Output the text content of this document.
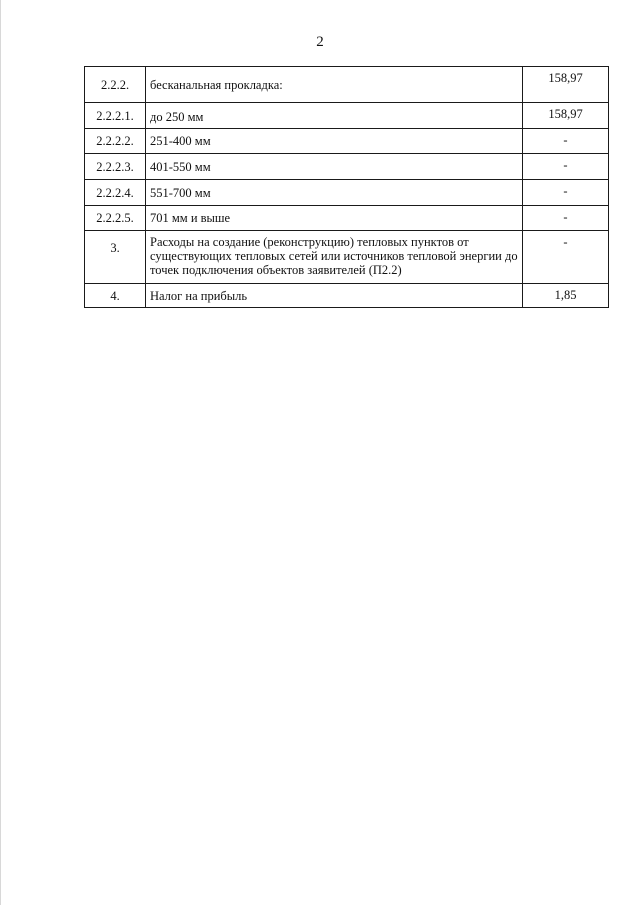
2
2.2.2.	бесканальная прокладка:	158,97
2.2.2.1.	до 250 мм	158,97
2.2.2.2.	251-400 мм	-
2.2.2.3.	401-550 мм	-
2.2.2.4.	551-700 мм	-
2.2.2.5.	701 мм и выше	-
3.	Расходы на создание (реконструкцию) тепловых пунктов от существующих тепловых сетей или источников тепловой энергии до точек подключения объектов заявителей (П2.2)	-
4.	Налог на прибыль	1,85
